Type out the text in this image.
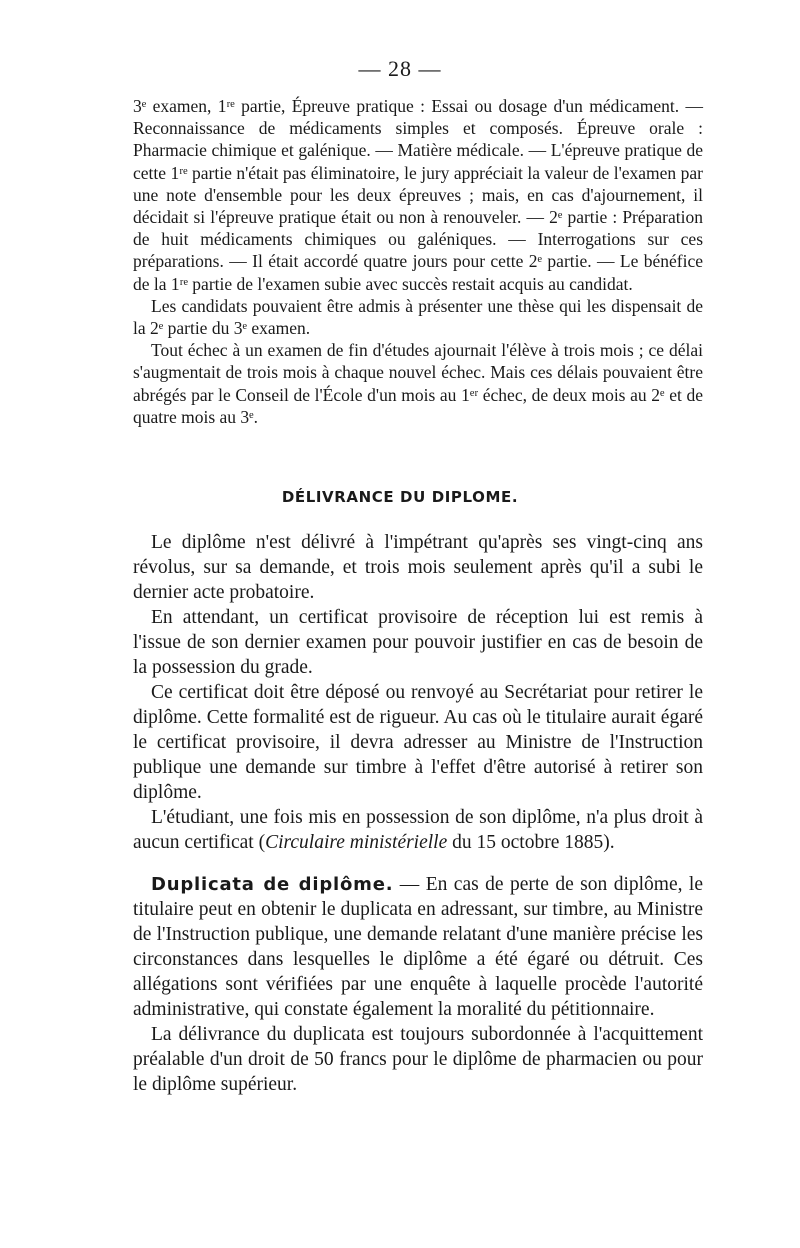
— 28 —

3ᵉ examen, 1ʳᵉ partie, Épreuve pratique : Essai ou dosage d'un médicament. — Reconnaissance de médicaments simples et composés. Épreuve orale : Pharmacie chimique et galénique. — Matière médicale. — L'épreuve pratique de cette 1ʳᵉ partie n'était pas éliminatoire, le jury appréciait la valeur de l'examen par une note d'ensemble pour les deux épreuves ; mais, en cas d'ajournement, il décidait si l'épreuve pratique était ou non à renouveler. — 2ᵉ partie : Préparation de huit médicaments chimiques ou galéniques. — Interrogations sur ces préparations. — Il était accordé quatre jours pour cette 2ᵉ partie. — Le bénéfice de la 1ʳᵉ partie de l'examen subie avec succès restait acquis au candidat.

Les candidats pouvaient être admis à présenter une thèse qui les dispensait de la 2ᵉ partie du 3ᵉ examen.

Tout échec à un examen de fin d'études ajournait l'élève à trois mois ; ce délai s'augmentait de trois mois à chaque nouvel échec. Mais ces délais pouvaient être abrégés par le Conseil de l'École d'un mois au 1ᵉʳ échec, de deux mois au 2ᵉ et de quatre mois au 3ᵉ.

DÉLIVRANCE DU DIPLOME.

Le diplôme n'est délivré à l'impétrant qu'après ses vingt-cinq ans révolus, sur sa demande, et trois mois seulement après qu'il a subi le dernier acte probatoire.

En attendant, un certificat provisoire de réception lui est remis à l'issue de son dernier examen pour pouvoir justifier en cas de besoin de la possession du grade.

Ce certificat doit être déposé ou renvoyé au Secrétariat pour retirer le diplôme. Cette formalité est de rigueur. Au cas où le titulaire aurait égaré le certificat provisoire, il devra adresser au Ministre de l'Instruction publique une demande sur timbre à l'effet d'être autorisé à retirer son diplôme.

L'étudiant, une fois mis en possession de son diplôme, n'a plus droit à aucun certificat (Circulaire ministérielle du 15 octobre 1885).

Duplicata de diplôme. — En cas de perte de son diplôme, le titulaire peut en obtenir le duplicata en adressant, sur timbre, au Ministre de l'Instruction publique, une demande relatant d'une manière précise les circonstances dans lesquelles le diplôme a été égaré ou détruit. Ces allégations sont vérifiées par une enquête à laquelle procède l'autorité administrative, qui constate également la moralité du pétitionnaire.

La délivrance du duplicata est toujours subordonnée à l'acquittement préalable d'un droit de 50 francs pour le diplôme de pharmacien ou pour le diplôme supérieur.
